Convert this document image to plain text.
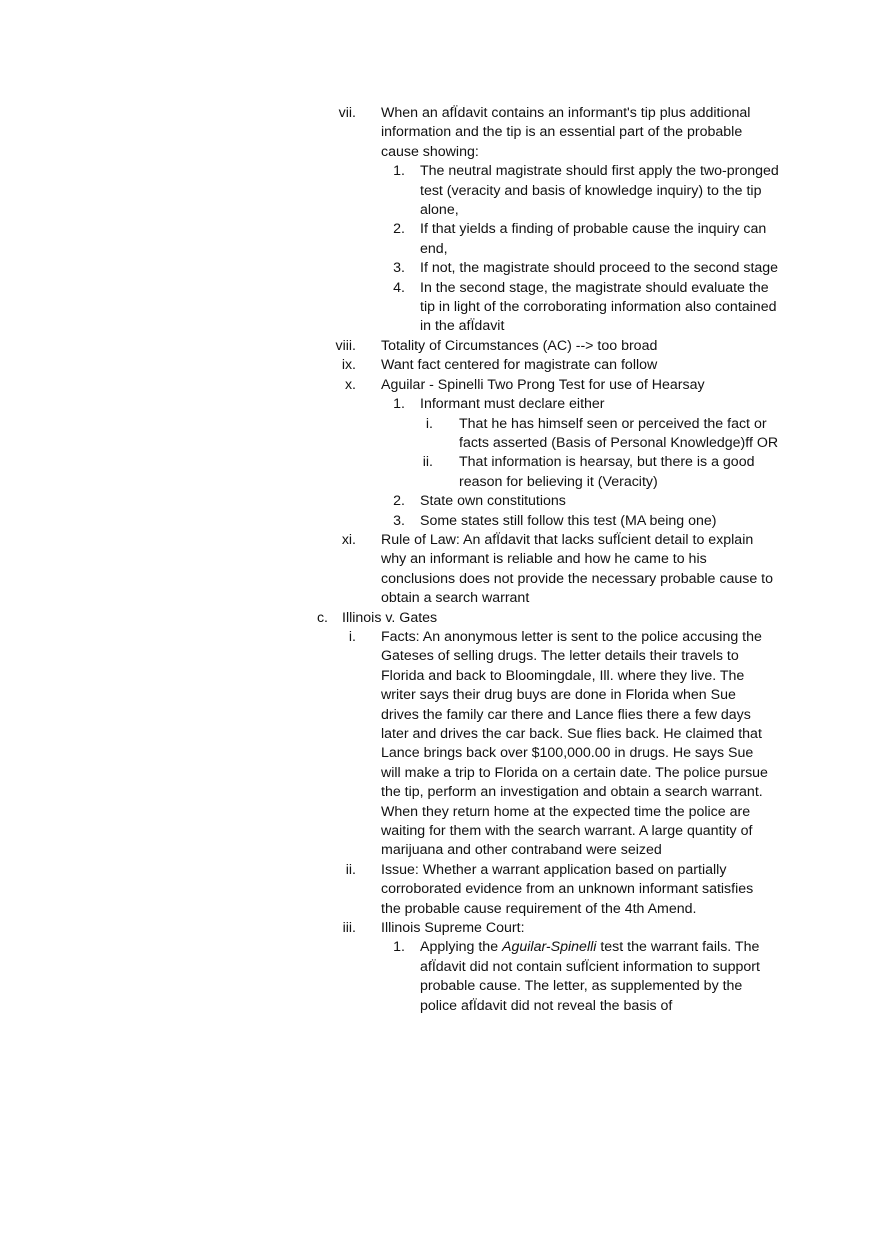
vii. When an afÏdavit contains an informant's tip plus additional information and the tip is an essential part of the probable cause showing:
1. The neutral magistrate should first apply the two-pronged test (veracity and basis of knowledge inquiry) to the tip alone,
2. If that yields a finding of probable cause the inquiry can end,
3. If not, the magistrate should proceed to the second stage
4. In the second stage, the magistrate should evaluate the tip in light of the corroborating information also contained in the afÏdavit
viii. Totality of Circumstances (AC) --> too broad
ix. Want fact centered for magistrate can follow
x. Aguilar - Spinelli Two Prong Test for use of Hearsay
1. Informant must declare either
i. That he has himself seen or perceived the fact or facts asserted (Basis of Personal Knowledge)ff OR
ii. That information is hearsay, but there is a good reason for believing it (Veracity)
2. State own constitutions
3. Some states still follow this test (MA being one)
xi. Rule of Law: An afÏdavit that lacks sufÏcient detail to explain why an informant is reliable and how he came to his conclusions does not provide the necessary probable cause to obtain a search warrant
c. Illinois v. Gates
i. Facts: An anonymous letter is sent to the police accusing the Gateses of selling drugs. The letter details their travels to Florida and back to Bloomingdale, Ill. where they live. The writer says their drug buys are done in Florida when Sue drives the family car there and Lance flies there a few days later and drives the car back. Sue flies back. He claimed that Lance brings back over $100,000.00 in drugs. He says Sue will make a trip to Florida on a certain date. The police pursue the tip, perform an investigation and obtain a search warrant. When they return home at the expected time the police are waiting for them with the search warrant. A large quantity of marijuana and other contraband were seized
ii. Issue: Whether a warrant application based on partially corroborated evidence from an unknown informant satisfies the probable cause requirement of the 4th Amend.
iii. Illinois Supreme Court:
1. Applying the Aguilar-Spinelli test the warrant fails. The afÏdavit did not contain sufÏcient information to support probable cause. The letter, as supplemented by the police afÏdavit did not reveal the basis of
